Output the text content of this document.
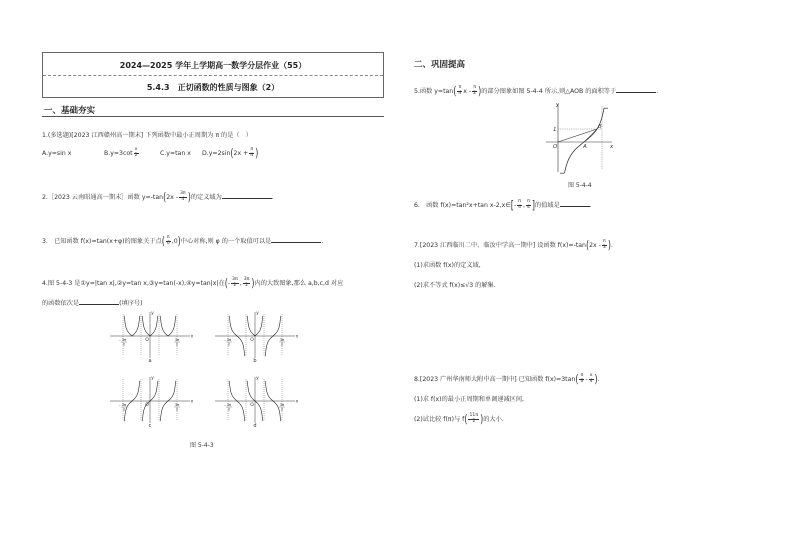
2024—2025 学年上学期高一数学分层作业（55）
5.4.3　正切函数的性质与图象（2）
一、基础夯实
二、巩固提高
1.(多选题)[2023 江西赣州高一期末] 下列函数中最小正周期为 π 的是（　）
A.y=sin x	$B.y=3\cot \frac{x}{2}$	C.y=tan x $D.y=2\sin(2x + \frac{\pi}{4}$ )
2.［2023 云南昭通高一期末］函数 $y=-\tan(2x - \frac{3\pi}{4}$ )的定义域为	.
3.　已知函数 f(x)=tan(x+φ)的图象关于点( $\frac{\pi}{6} ,0$)中心对称,则 φ 的一个取值可以是	.
4.图 5-4-3 是①y=|tan x|,②y=tan x,③y=tan(-x),④y=tan|x|在(- $\frac{3\pi}{2}$ , $\frac{3\pi}{2}$ )内的大致图象,那么 a,b,c,d 对应
的函数依次是	(填序号)
x
y
O
- 3π
2
3π
2
a
x
y
O
- 3π
2
3π
2
b
x
y
O
- 3π
2
3π
2
c
x
y
O
- 3π
2
3π
2
d
图 5-4-3
5.函数 $y=\tan( \frac{\pi}{4}$ x - $\frac{\pi}{2}$ )的部分图象如图 5-4-4 所示,则△AOB 的面积等于	.
y
x
O
1
A
B
图 5-4-4
6.　函数 f(x)=tan²x+tan x-2,x∈[- $\frac{\pi}{4}$ , $\frac{\pi}{4}$ ]的值域是	.
7.[2023 江西临川二中、临汝中学高一期中] 设函数 $f(x)=-\tan(2x - \frac{\pi}{3}$ ).
(1)求函数 f(x)的定义域,
(2)求不等式 f(x)≤√3 的解集.
8.[2023 广州华南师大附中高一期中] 已知函数 $f(x)=3\tan( \frac{\pi}{6} - \frac{x}{4}$ ).
(1)求 f(x)的最小正周期和单调递减区间,
(2)试比较 f(π)与 $f( \frac{11\pi}{2}$ )的大小.
